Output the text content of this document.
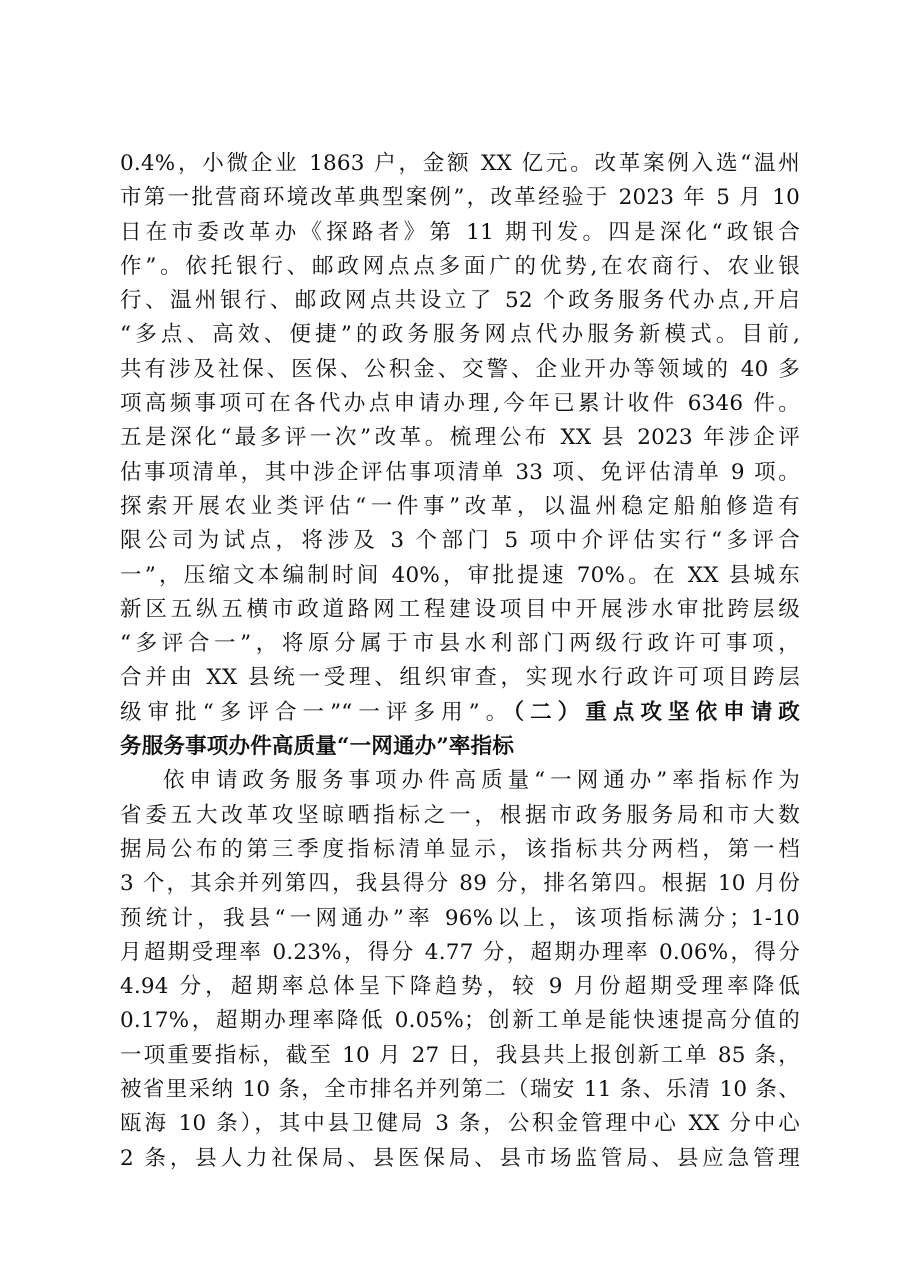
0.4%，小微企业 1863 户，金额 XX 亿元。改革案例入选“温州
市第一批营商环境改革典型案例”，改革经验于 2023 年 5 月 10
日在市委改革办《探路者》第 11 期刊发。四是深化“政银合
作”。依托银行、邮政网点点多面广的优势,在农商行、农业银
行、温州银行、邮政网点共设立了 52 个政务服务代办点,开启
“多点、高效、便捷”的政务服务网点代办服务新模式。目前,
共有涉及社保、医保、公积金、交警、企业开办等领域的 40 多
项高频事项可在各代办点申请办理,今年已累计收件 6346 件。
五是深化“最多评一次”改革。梳理公布 XX 县 2023 年涉企评
估事项清单，其中涉企评估事项清单 33 项、免评估清单 9 项。
探索开展农业类评估“一件事”改革，以温州稳定船舶修造有
限公司为试点，将涉及 3 个部门 5 项中介评估实行“多评合
一”，压缩文本编制时间 40%，审批提速 70%。在 XX 县城东
新区五纵五横市政道路网工程建设项目中开展涉水审批跨层级
“多评合一”，将原分属于市县水利部门两级行政许可事项，
合并由 XX 县统一受理、组织审查，实现水行政许可项目跨层
级审批“多评合一”“一评多用”。（二）重点攻坚依申请政
务服务事项办件高质量“一网通办”率指标
依申请政务服务事项办件高质量“一网通办”率指标作为
省委五大改革攻坚晾晒指标之一，根据市政务服务局和市大数
据局公布的第三季度指标清单显示，该指标共分两档，第一档
3 个，其余并列第四，我县得分 89 分，排名第四。根据 10 月份
预统计，我县“一网通办”率 96%以上，该项指标满分；1-10
月超期受理率 0.23%，得分 4.77 分，超期办理率 0.06%，得分
4.94 分，超期率总体呈下降趋势，较 9 月份超期受理率降低
0.17%，超期办理率降低 0.05%；创新工单是能快速提高分值的
一项重要指标，截至 10 月 27 日，我县共上报创新工单 85 条，
被省里采纳 10 条，全市排名并列第二（瑞安 11 条、乐清 10 条、
瓯海 10 条），其中县卫健局 3 条，公积金管理中心 XX 分中心
2 条，县人力社保局、县医保局、县市场监管局、县应急管理
